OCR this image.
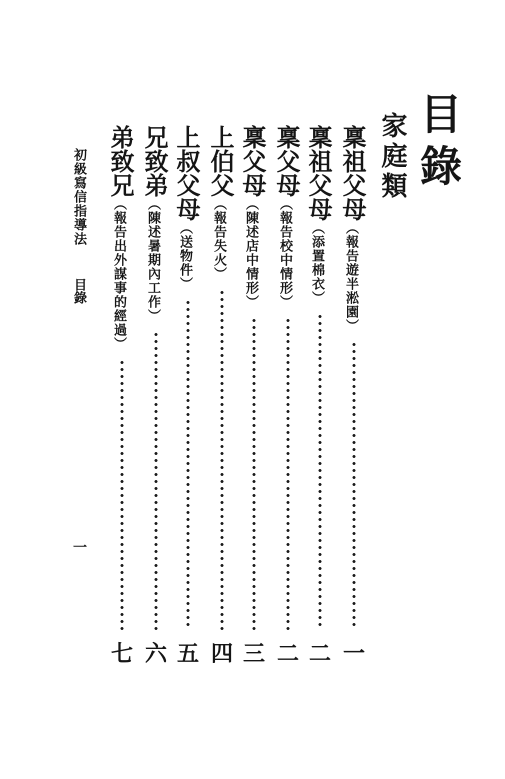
目錄
家庭類
初級寫信指導法
目錄
一
稟祖父母
（報告遊半淞園）
一
稟祖父母
（添置棉衣）
二
稟父母
（報告校中情形）
二
稟父母
（陳述店中情形）
三
上伯父
（報告失火）
四
上叔父母
（送物件）
五
兄致弟
（陳述暑期內工作）
六
弟致兄
（報告出外謀事的經過）
七
